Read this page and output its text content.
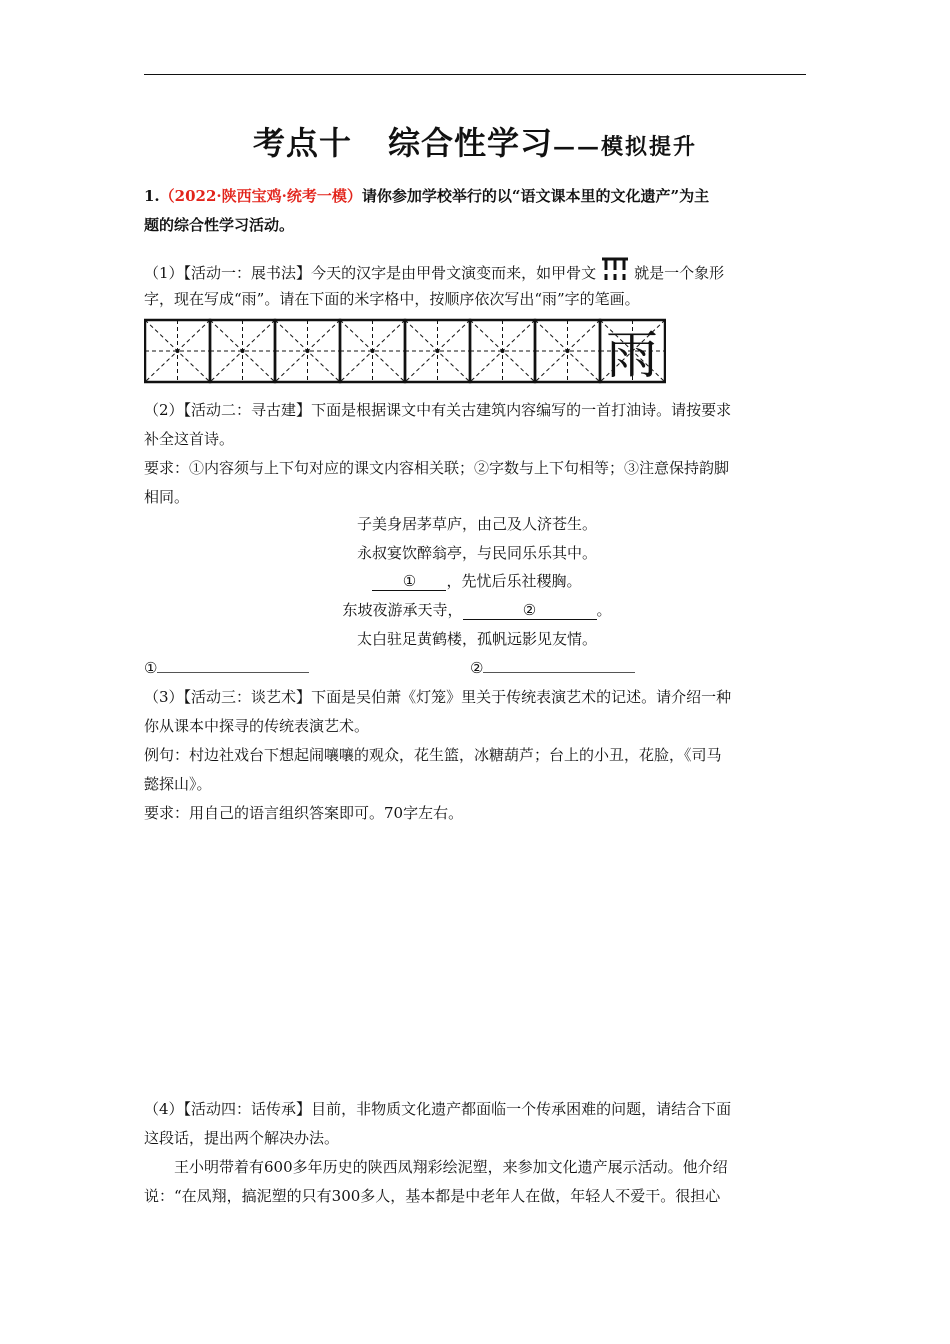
考点十 综合性学习——模拟提升
1.（2022·陕西宝鸡·统考一模）请你参加学校举行的以“语文课本里的文化遗产”为主
题的综合性学习活动。
（1）【活动一：展书法】今天的汉字是由甲骨文演变而来，如甲骨文	就是一个象形
字，现在写成“雨”。请在下面的米字格中，按顺序依次写出“雨”字的笔画。
雨
（2）【活动二：寻古建】下面是根据课文中有关古建筑内容编写的一首打油诗。请按要求
补全这首诗。
要求：①内容须与上下句对应的课文内容相关联；②字数与上下句相等；③注意保持韵脚
相同。
子美身居茅草庐，由己及人济苍生。
永叔宴饮醉翁亭，与民同乐乐其中。
① ，先忧后乐社稷胸。
东坡夜游承天寺，	②	。
太白驻足黄鹤楼，孤帆远影见友情。
①	②
（3）【活动三：谈艺术】下面是吴伯萧《灯笼》里关于传统表演艺术的记述。请介绍一种
你从课本中探寻的传统表演艺术。
例句：村边社戏台下想起闹嚷嚷的观众，花生篮，冰糖葫芦；台上的小丑，花脸，《司马
懿探山》。
要求：用自己的语言组织答案即可。70字左右。
（4）【活动四：话传承】目前，非物质文化遗产都面临一个传承困难的问题，请结合下面
这段话，提出两个解决办法。
王小明带着有600多年历史的陕西凤翔彩绘泥塑，来参加文化遗产展示活动。他介绍
说：“在凤翔，搞泥塑的只有300多人，基本都是中老年人在做，年轻人不爱干。很担心
